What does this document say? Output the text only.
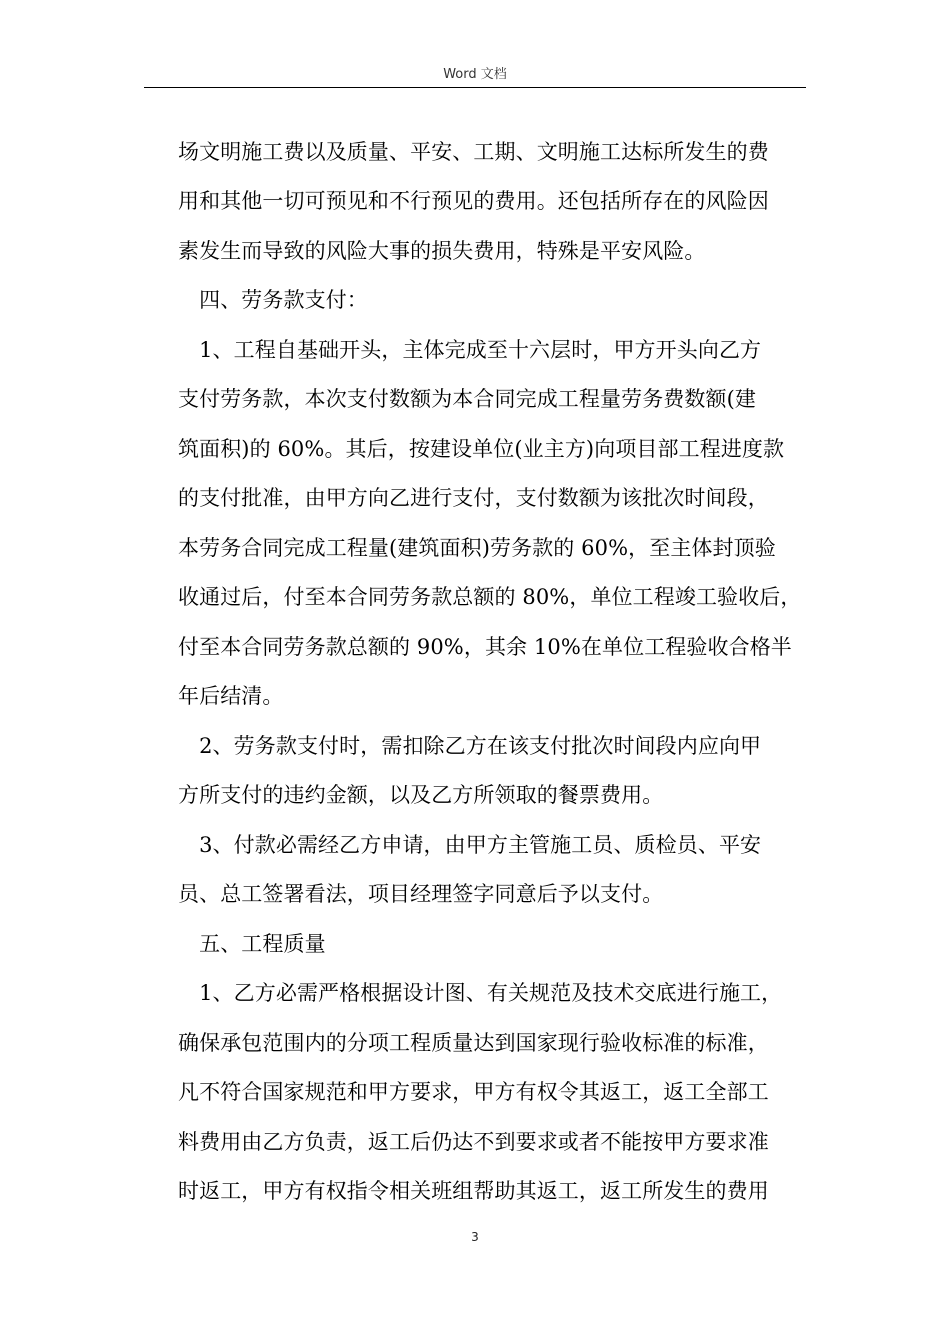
Word 文档
场文明施工费以及质量、平安、工期、文明施工达标所发生的费
用和其他一切可预见和不行预见的费用。还包括所存在的风险因
素发生而导致的风险大事的损失费用，特殊是平安风险。
　四、劳务款支付：
　1、工程自基础开头，主体完成至十六层时，甲方开头向乙方
支付劳务款，本次支付数额为本合同完成工程量劳务费数额(建
筑面积)的 60%。其后，按建设单位(业主方)向项目部工程进度款
的支付批准，由甲方向乙进行支付，支付数额为该批次时间段，
本劳务合同完成工程量(建筑面积)劳务款的 60%，至主体封顶验
收通过后，付至本合同劳务款总额的 80%，单位工程竣工验收后，
付至本合同劳务款总额的 90%，其余 10%在单位工程验收合格半
年后结清。
　2、劳务款支付时，需扣除乙方在该支付批次时间段内应向甲
方所支付的违约金额，以及乙方所领取的餐票费用。
　3、付款必需经乙方申请，由甲方主管施工员、质检员、平安
员、总工签署看法，项目经理签字同意后予以支付。
　五、工程质量
　1、乙方必需严格根据设计图、有关规范及技术交底进行施工，
确保承包范围内的分项工程质量达到国家现行验收标准的标准，
凡不符合国家规范和甲方要求，甲方有权令其返工，返工全部工
料费用由乙方负责，返工后仍达不到要求或者不能按甲方要求准
时返工，甲方有权指令相关班组帮助其返工，返工所发生的费用
3
